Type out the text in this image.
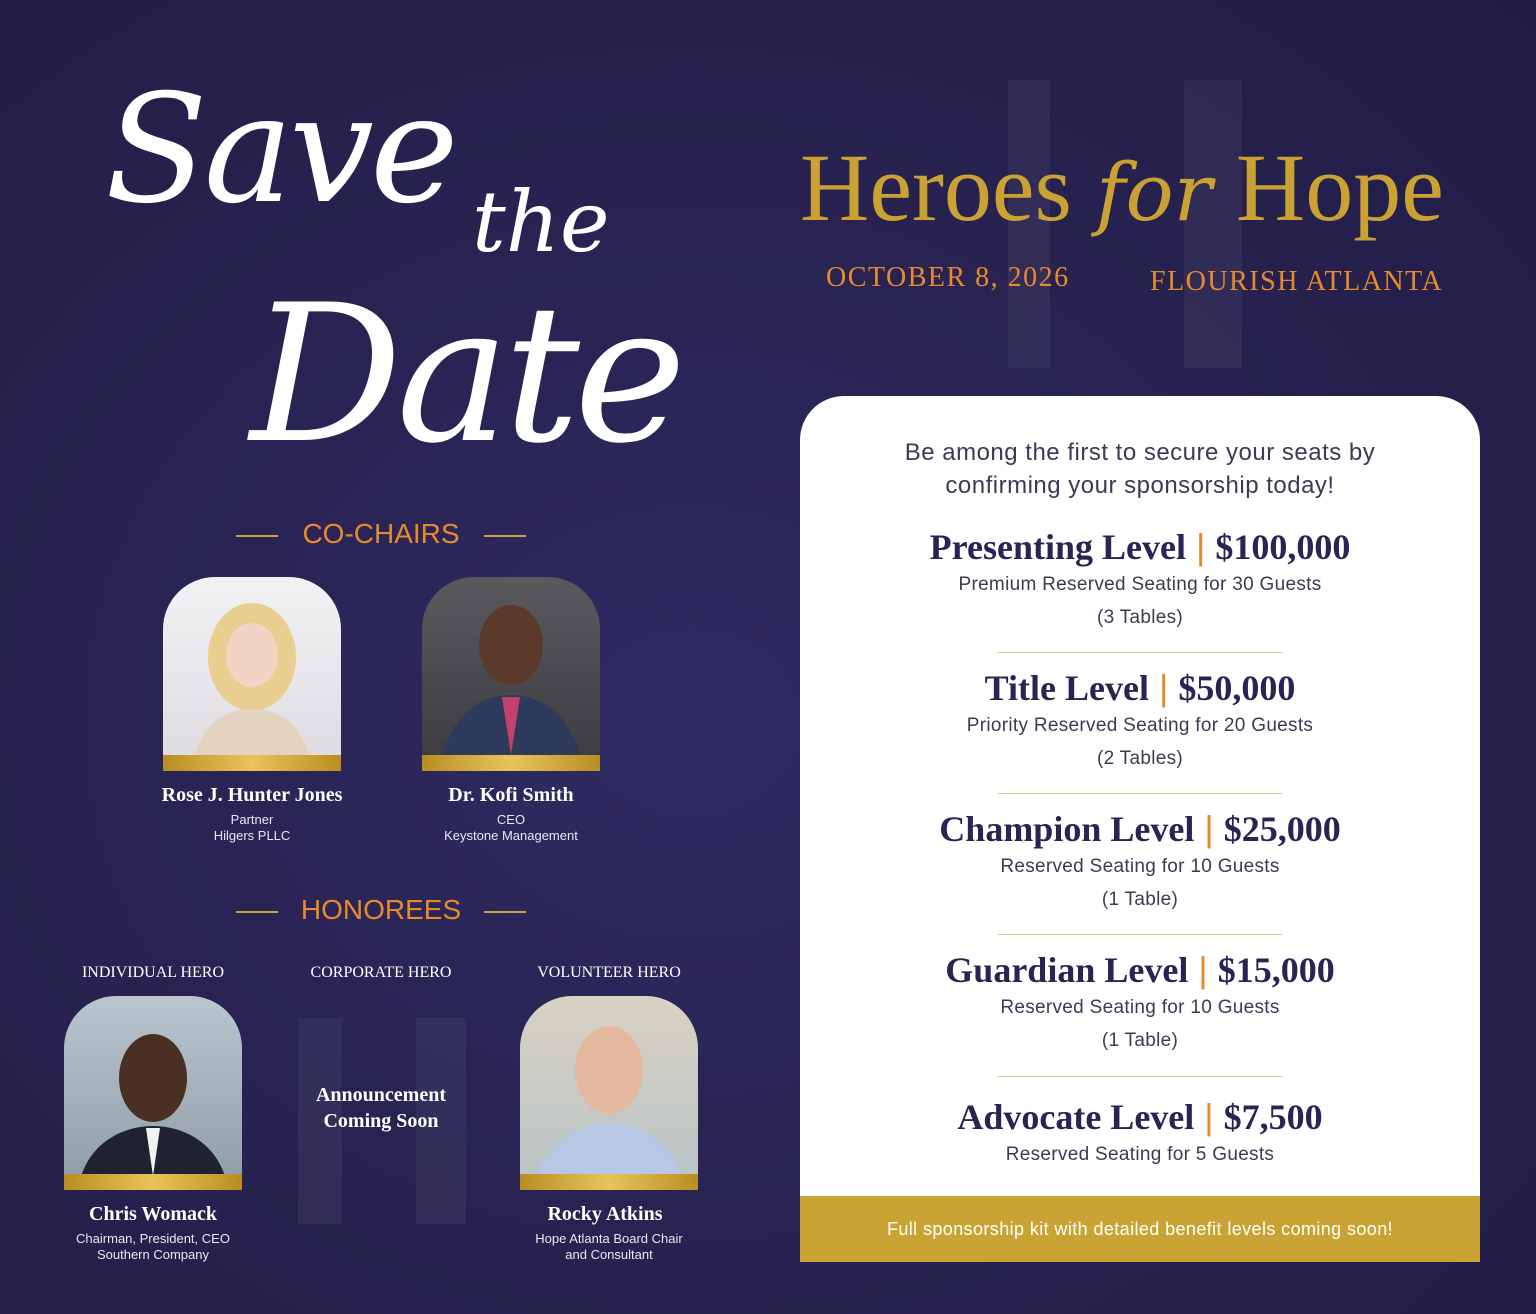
Save the
Date
Heroes for Hope
OCTOBER 8, 2026	FLOURISH ATLANTA
CO-CHAIRS
Rose J. Hunter Jones
Partner
Hilgers PLLC
Dr. Kofi Smith
CEO
Keystone Management
HONOREES
INDIVIDUAL HERO	CORPORATE HERO	VOLUNTEER HERO
Chris Womack
Chairman, President, CEO
Southern Company
Announcement
Coming Soon
Rocky Atkins
Hope Atlanta Board Chair
and Consultant
Be among the first to secure your seats by
confirming your sponsorship today!
Presenting Level | $100,000
Premium Reserved Seating for 30 Guests
(3 Tables)
Title Level | $50,000
Priority Reserved Seating for 20 Guests
(2 Tables)
Champion Level | $25,000
Reserved Seating for 10 Guests
(1 Table)
Guardian Level | $15,000
Reserved Seating for 10 Guests
(1 Table)
Advocate Level | $7,500
Reserved Seating for 5 Guests
Full sponsorship kit with detailed benefit levels coming soon!
